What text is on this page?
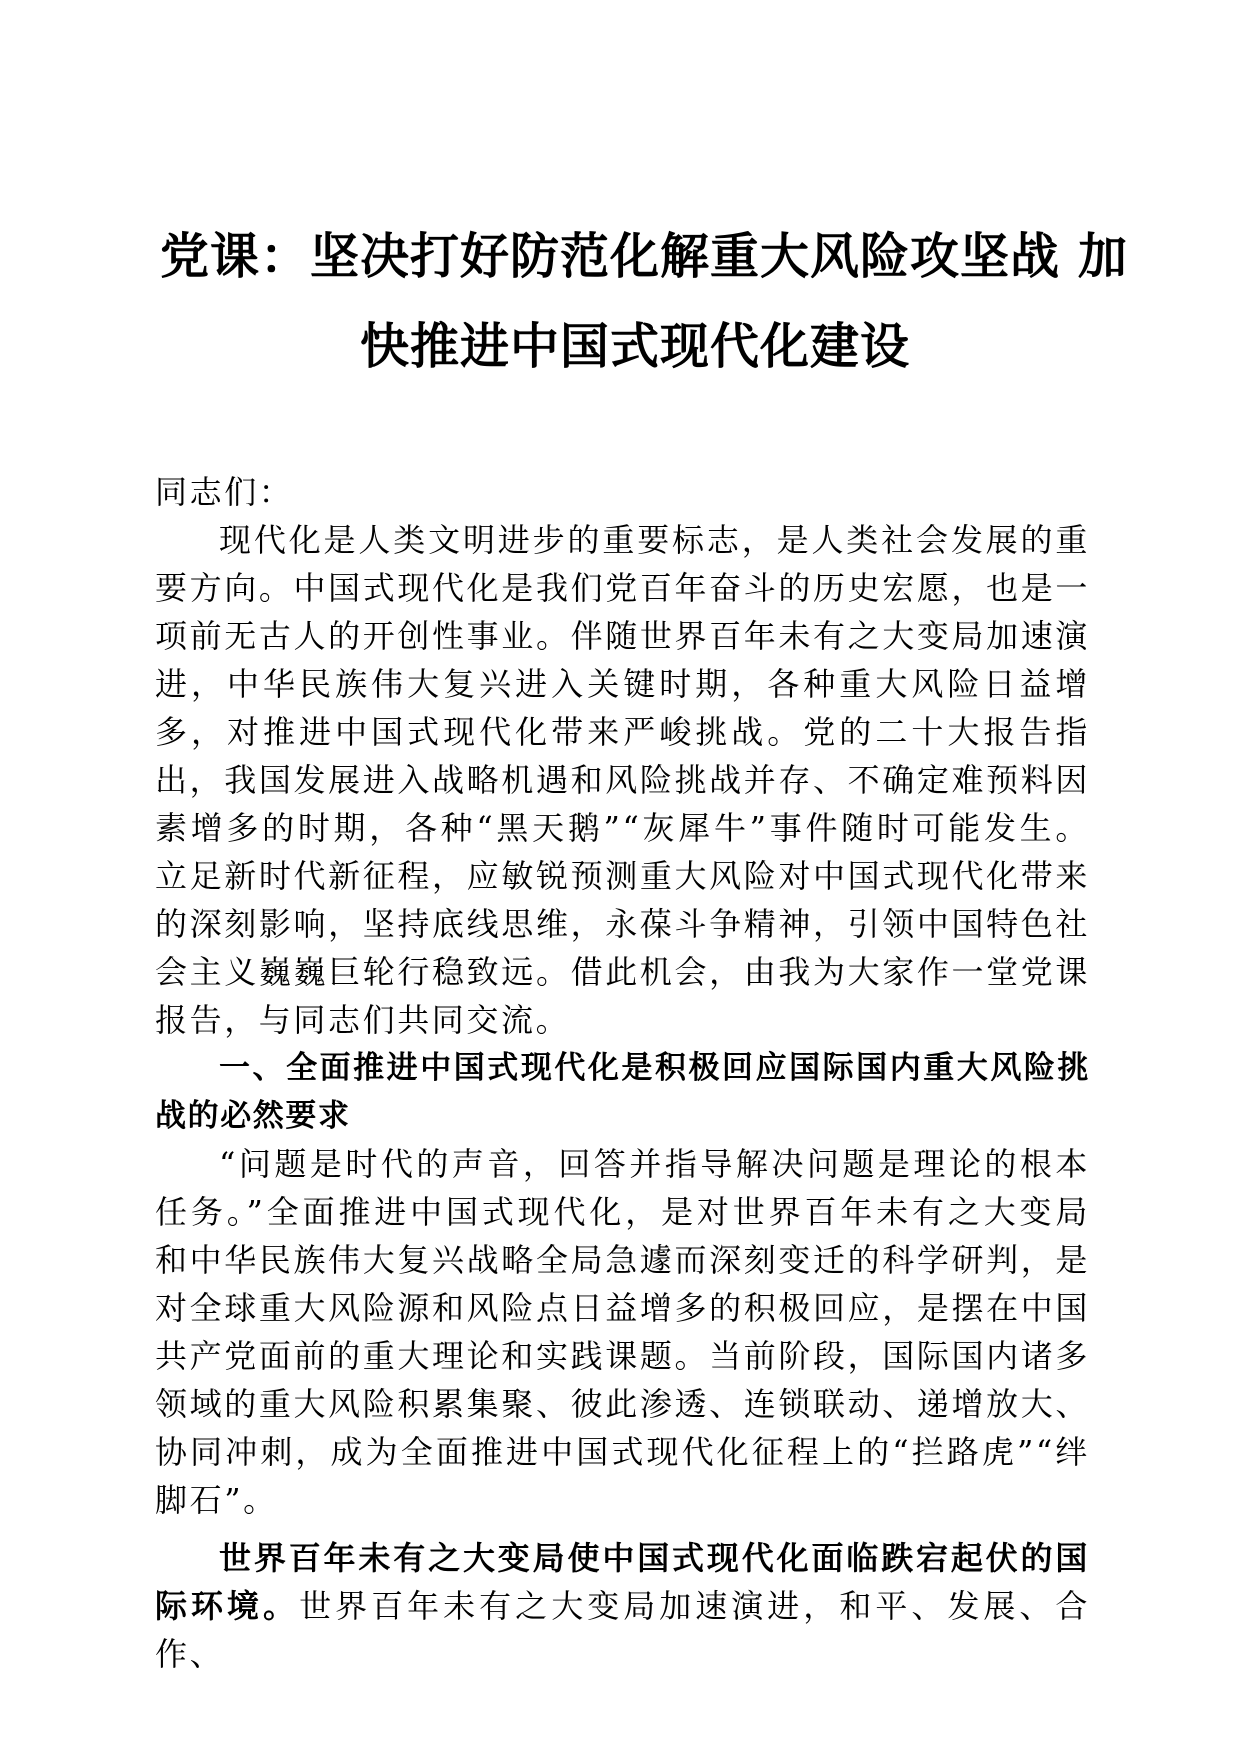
党课：坚决打好防范化解重大风险攻坚战 加
快推进中国式现代化建设

同志们：

现代化是人类文明进步的重要标志，是人类社会发展的重要方向。中国式现代化是我们党百年奋斗的历史宏愿，也是一项前无古人的开创性事业。伴随世界百年未有之大变局加速演进，中华民族伟大复兴进入关键时期，各种重大风险日益增多，对推进中国式现代化带来严峻挑战。党的二十大报告指出，我国发展进入战略机遇和风险挑战并存、不确定难预料因素增多的时期，各种“黑天鹅”“灰犀牛”事件随时可能发生。立足新时代新征程，应敏锐预测重大风险对中国式现代化带来的深刻影响，坚持底线思维，永葆斗争精神，引领中国特色社会主义巍巍巨轮行稳致远。借此机会，由我为大家作一堂党课报告，与同志们共同交流。

一、全面推进中国式现代化是积极回应国际国内重大风险挑战的必然要求

“问题是时代的声音，回答并指导解决问题是理论的根本任务。”全面推进中国式现代化，是对世界百年未有之大变局和中华民族伟大复兴战略全局急遽而深刻变迁的科学研判，是对全球重大风险源和风险点日益增多的积极回应，是摆在中国共产党面前的重大理论和实践课题。当前阶段，国际国内诸多领域的重大风险积累集聚、彼此渗透、连锁联动、递增放大、协同冲刺，成为全面推进中国式现代化征程上的“拦路虎”“绊脚石”。

世界百年未有之大变局使中国式现代化面临跌宕起伏的国际环境。世界百年未有之大变局加速演进，和平、发展、合作、
